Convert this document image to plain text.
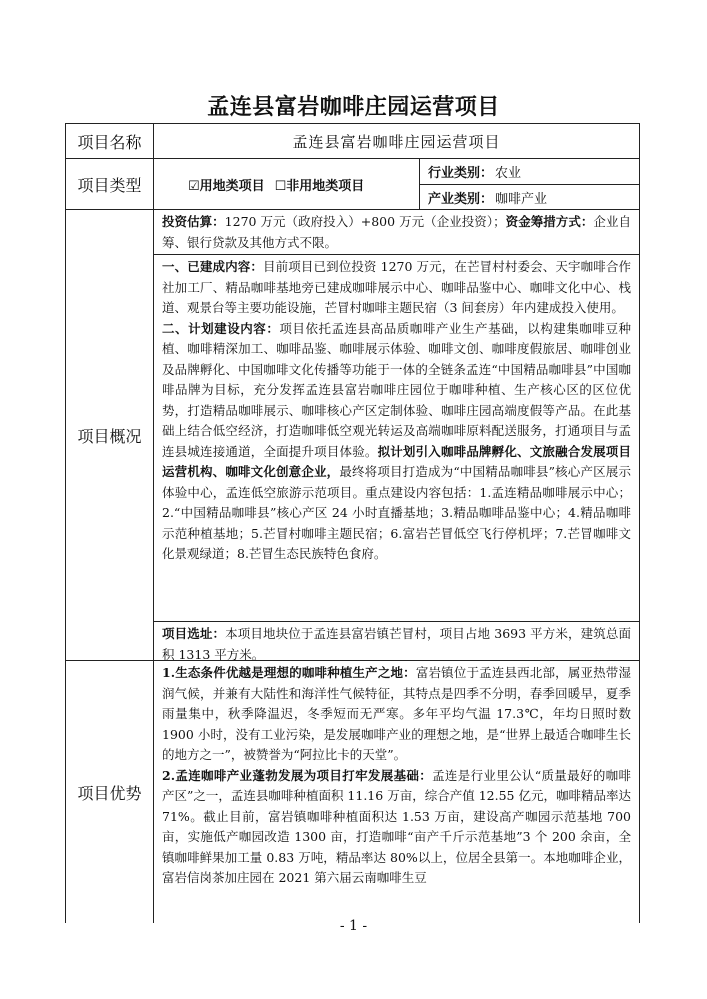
孟连县富岩咖啡庄园运营项目
项目名称	孟连县富岩咖啡庄园运营项目
项目类型	☑用地类项目 ☐非用地类项目
行业类别： 农业
产业类别： 咖啡产业
项目概况
投资估算：1270 万元（政府投入）+800 万元（企业投资）；资金筹措方式：企业自筹、银行贷款及其他方式不限。
一、已建成内容：目前项目已到位投资 1270 万元，在芒冒村村委会、天宇咖啡合作社加工厂、精品咖啡基地旁已建成咖啡展示中心、咖啡品鉴中心、咖啡文化中心、栈道、观景台等主要功能设施，芒冒村咖啡主题民宿（3 间套房）年内建成投入使用。
二、计划建设内容：项目依托孟连县高品质咖啡产业生产基础，以构建集咖啡豆种植、咖啡精深加工、咖啡品鉴、咖啡展示体验、咖啡文创、咖啡度假旅居、咖啡创业及品牌孵化、中国咖啡文化传播等功能于一体的全链条孟连“中国精品咖啡县”中国咖啡品牌为目标，充分发挥孟连县富岩咖啡庄园位于咖啡种植、生产核心区的区位优势，打造精品咖啡展示、咖啡核心产区定制体验、咖啡庄园高端度假等产品。在此基础上结合低空经济，打造咖啡低空观光转运及高端咖啡原料配送服务，打通项目与孟连县城连接通道，全面提升项目体验。拟计划引入咖啡品牌孵化、文旅融合发展项目运营机构、咖啡文化创意企业，最终将项目打造成为“中国精品咖啡县”核心产区展示体验中心，孟连低空旅游示范项目。重点建设内容包括：1.孟连精品咖啡展示中心；2.“中国精品咖啡县”核心产区 24 小时直播基地；3.精品咖啡品鉴中心；4.精品咖啡示范种植基地；5.芒冒村咖啡主题民宿；6.富岩芒冒低空飞行停机坪；7.芒冒咖啡文化景观绿道；8.芒冒生态民族特色食府。
项目选址：本项目地块位于孟连县富岩镇芒冒村，项目占地 3693 平方米，建筑总面积 1313 平方米。
项目优势
1.生态条件优越是理想的咖啡种植生产之地：富岩镇位于孟连县西北部，属亚热带湿润气候，并兼有大陆性和海洋性气候特征，其特点是四季不分明，春季回暖早，夏季雨量集中，秋季降温迟，冬季短而无严寒。多年平均气温 17.3℃，年均日照时数 1900 小时，没有工业污染，是发展咖啡产业的理想之地，是“世界上最适合咖啡生长的地方之一”，被赞誉为“阿拉比卡的天堂”。
2.孟连咖啡产业蓬勃发展为项目打牢发展基础：孟连是行业里公认“质量最好的咖啡产区”之一，孟连县咖啡种植面积 11.16 万亩，综合产值 12.55 亿元，咖啡精品率达 71%。截止目前，富岩镇咖啡种植面积达 1.53 万亩，建设高产咖园示范基地 700 亩，实施低产咖园改造 1300 亩，打造咖啡“亩产千斤示范基地”3 个 200 余亩，全镇咖啡鲜果加工量 0.83 万吨，精品率达 80%以上，位居全县第一。本地咖啡企业，富岩信岗茶加庄园在 2021 第六届云南咖啡生豆
- 1 -
